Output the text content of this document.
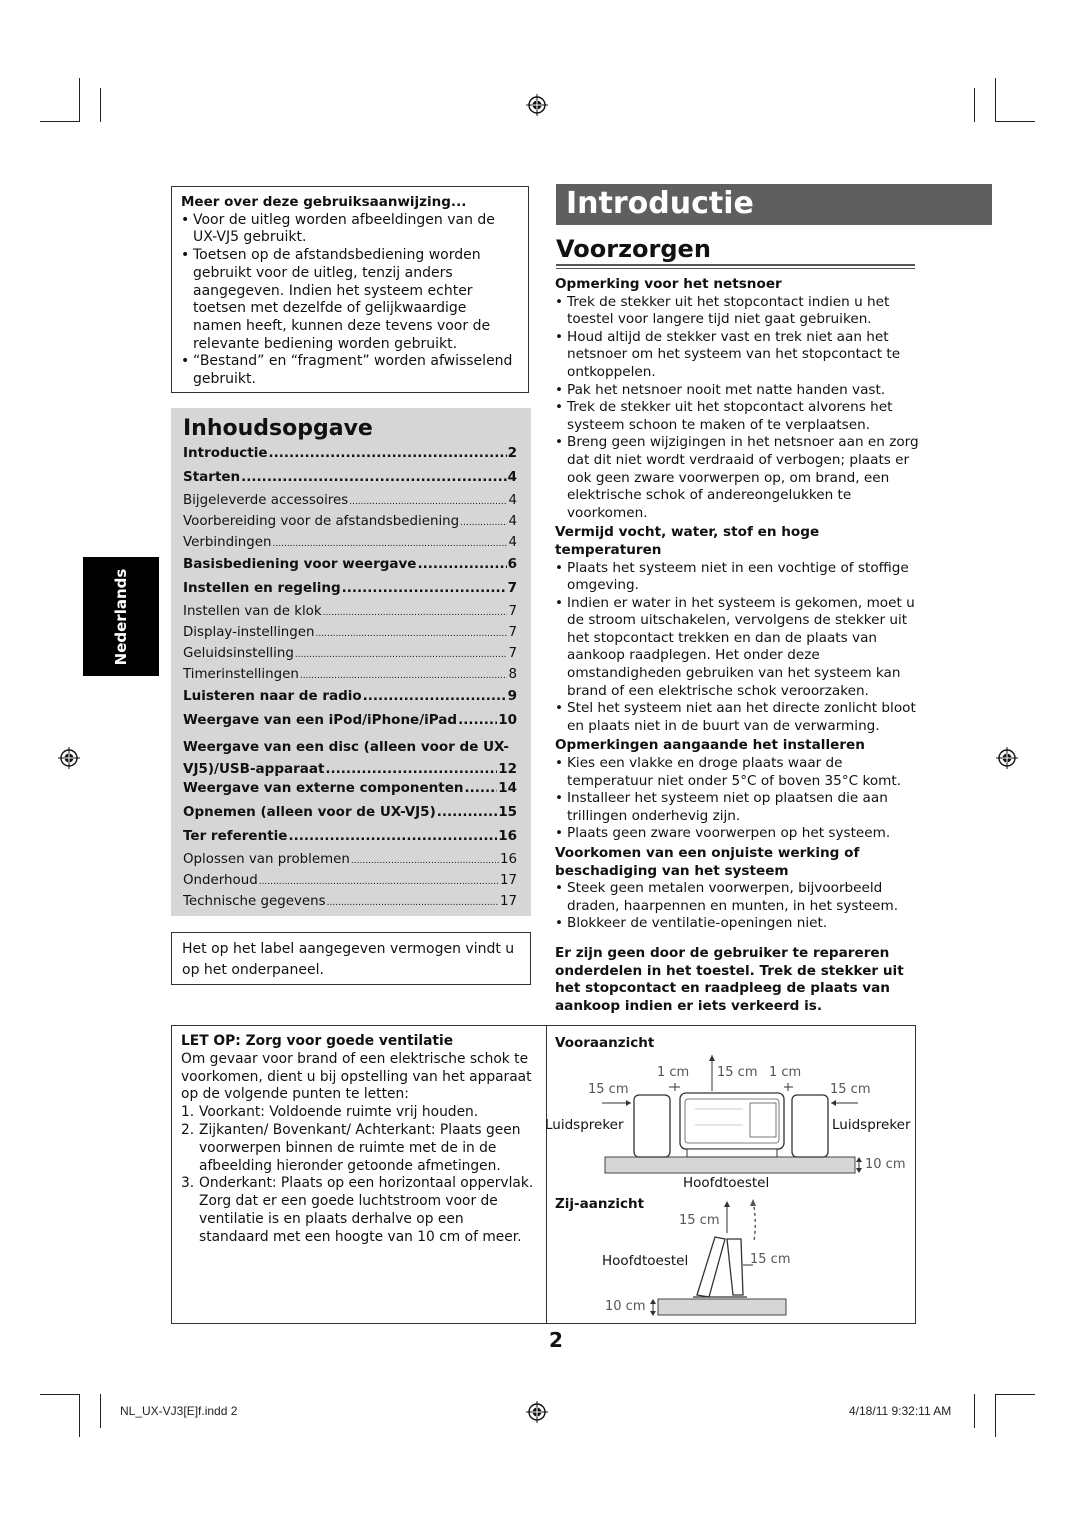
Meer over deze gebruiksaanwijzing...
• Voor de uitleg worden afbeeldingen van de UX-VJ5 gebruikt.
• Toetsen op de afstandsbediening worden gebruikt voor de uitleg, tenzij anders aangegeven. Indien het systeem echter toetsen met dezelfde of gelijkwaardige namen heeft, kunnen deze tevens voor de relevante bediening worden gebruikt.
• “Bestand” en “fragment” worden afwisselend gebruikt.
Inhoudsopgave
Introductie .....	2
Starten .....	4
Bijgeleverde accessoires .....	4
Voorbereiding voor de afstandsbediening .....	4
Verbindingen .....	4
Basisbediening voor weergave .....	6
Instellen en regeling .....	7
Instellen van de klok .....	7
Display-instellingen .....	7
Geluidsinstelling .....	7
Timerinstellingen .....	8
Luisteren naar de radio .....	9
Weergave van een iPod/iPhone/iPad .....	10
Weergave van een disc (alleen voor de UX-
VJ5)/USB-apparaat .....	12
Weergave van externe componenten .....	14
Opnemen (alleen voor de UX-VJ5) .....	15
Ter referentie .....	16
Oplossen van problemen .....	16
Onderhoud .....	17
Technische gegevens .....	17
Het op het label aangegeven vermogen vindt u op het onderpaneel.
Nederlands
Introductie
Voorzorgen
Opmerking voor het netsnoer
• Trek de stekker uit het stopcontact indien u het toestel voor langere tijd niet gaat gebruiken.
• Houd altijd de stekker vast en trek niet aan het netsnoer om het systeem van het stopcontact te ontkoppelen.
• Pak het netsnoer nooit met natte handen vast.
• Trek de stekker uit het stopcontact alvorens het systeem schoon te maken of te verplaatsen.
• Breng geen wijzigingen in het netsnoer aan en zorg dat dit niet wordt verdraaid of verbogen; plaats er ook geen zware voorwerpen op, om brand, een elektrische schok of andereongelukken te voorkomen.
Vermijd vocht, water, stof en hoge temperaturen
• Plaats het systeem niet in een vochtige of stoffige omgeving.
• Indien er water in het systeem is gekomen, moet u de stroom uitschakelen, vervolgens de stekker uit het stopcontact trekken en dan de plaats van aankoop raadplegen. Het onder deze omstandigheden gebruiken van het systeem kan brand of een elektrische schok veroorzaken.
• Stel het systeem niet aan het directe zonlicht bloot en plaats niet in de buurt van de verwarming.
Opmerkingen aangaande het installeren
• Kies een vlakke en droge plaats waar de temperatuur niet onder 5°C of boven 35°C komt.
• Installeer het systeem niet op plaatsen die aan trillingen onderhevig zijn.
• Plaats geen zware voorwerpen op het systeem.
Voorkomen van een onjuiste werking of beschadiging van het systeem
• Steek geen metalen voorwerpen, bijvoorbeeld draden, haarpennen en munten, in het systeem.
• Blokkeer de ventilatie-openingen niet.
Er zijn geen door de gebruiker te repareren onderdelen in het toestel. Trek de stekker uit het stopcontact en raadpleeg de plaats van aankoop indien er iets verkeerd is.
LET OP: Zorg voor goede ventilatie
Om gevaar voor brand of een elektrische schok te voorkomen, dient u bij opstelling van het apparaat op de volgende punten te letten:
1. Voorkant: Voldoende ruimte vrij houden.
2. Zijkanten/ Bovenkant/ Achterkant: Plaats geen voorwerpen binnen de ruimte met de in de afbeelding hieronder getoonde afmetingen.
3. Onderkant: Plaats op een horizontaal oppervlak. Zorg dat er een goede luchtstroom voor de ventilatie is en plaats derhalve op een standaard met een hoogte van 10 cm of meer.
Vooraanzicht
15 cm
1 cm 15 cm 1 cm
15 cm
Luidspreker	Luidspreker
10 cm
Hoofdtoestel
Zij-aanzicht
15 cm
15 cm
Hoofdtoestel
10 cm
2
NL_UX-VJ3[E]f.indd 2	4/18/11 9:32:11 AM
